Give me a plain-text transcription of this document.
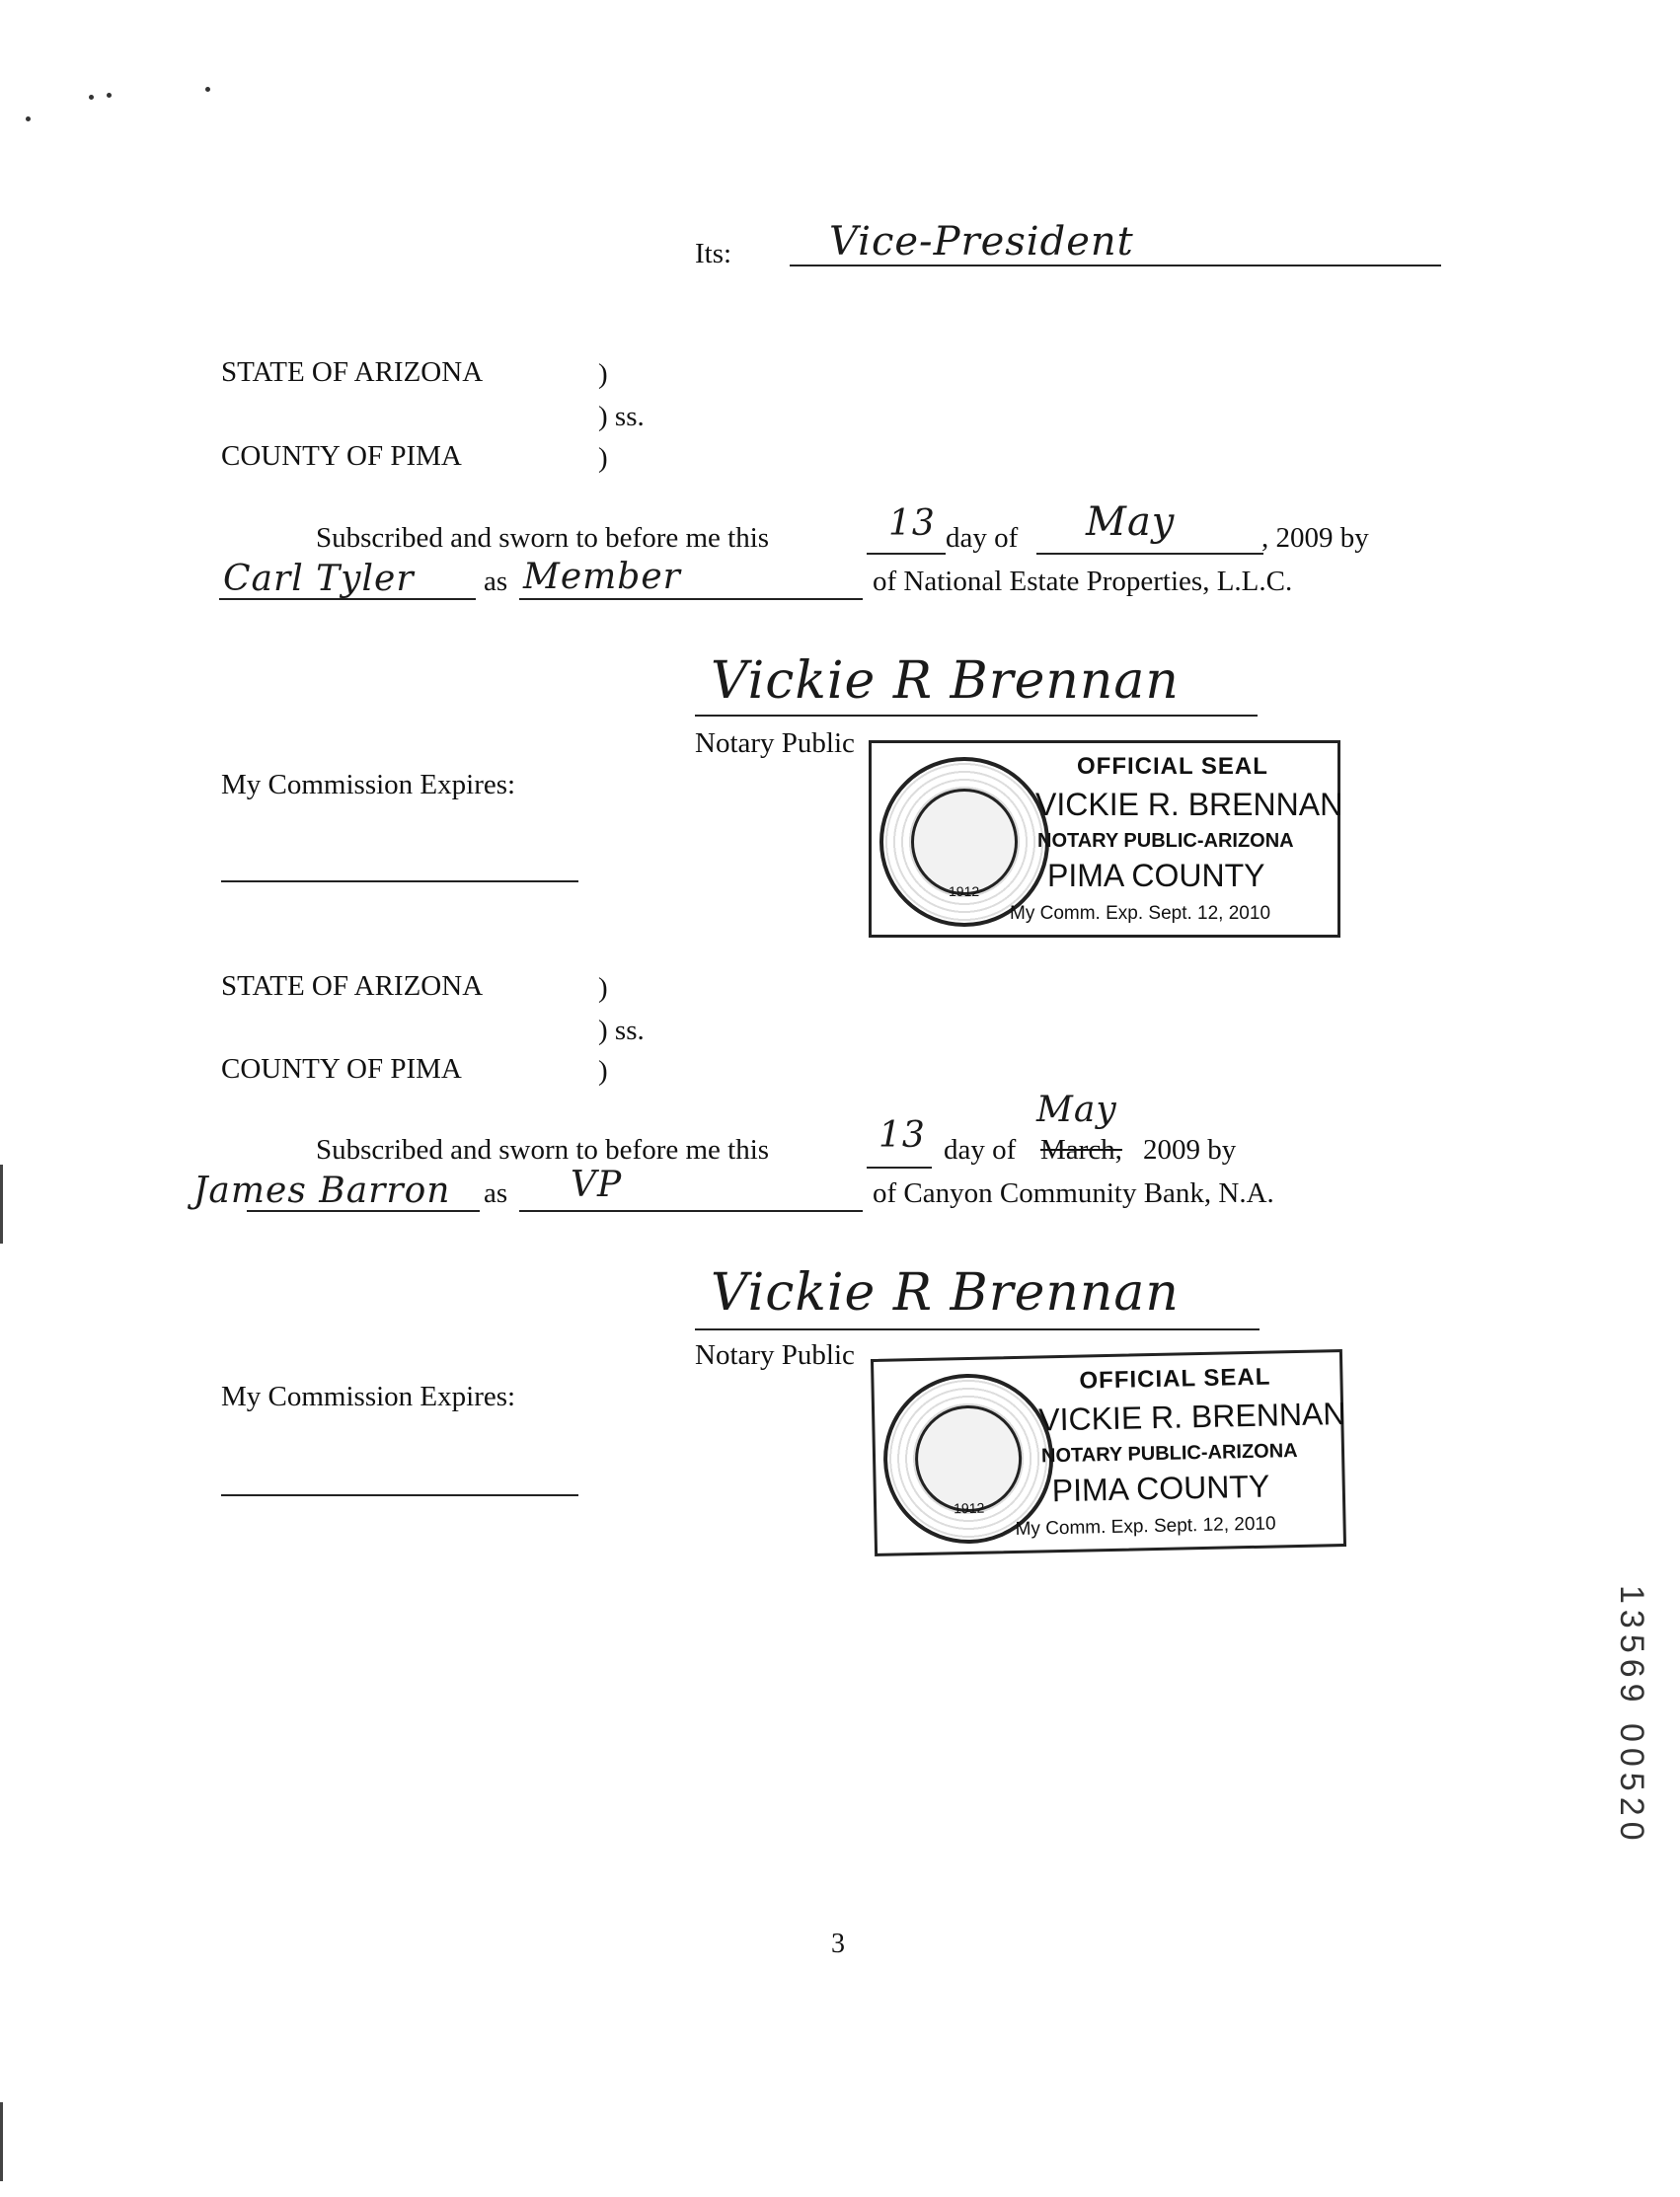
Its: Vice-President
STATE OF ARIZONA	)
) ss.
COUNTY OF PIMA	)
Subscribed and sworn to before me this	13 day of May	, 2009 by
Carl Tyler as Member	of National Estate Properties, L.L.C.
Vickie R Brennan
Notary Public
My Commission Expires:
1912
OFFICIAL SEAL
VICKIE R. BRENNAN
NOTARY PUBLIC-ARIZONA
PIMA COUNTY
My Comm. Exp. Sept. 12, 2010
STATE OF ARIZONA	)
) ss.
COUNTY OF PIMA	)
Subscribed and sworn to before me this	13 day of
May
March, 2009 by
James Barron as VP	of Canyon Community Bank, N.A.
Vickie R Brennan
Notary Public
My Commission Expires:
1912
OFFICIAL SEAL
VICKIE R. BRENNAN
NOTARY PUBLIC-ARIZONA
PIMA COUNTY
My Comm. Exp. Sept. 12, 2010
13569 00520
3
